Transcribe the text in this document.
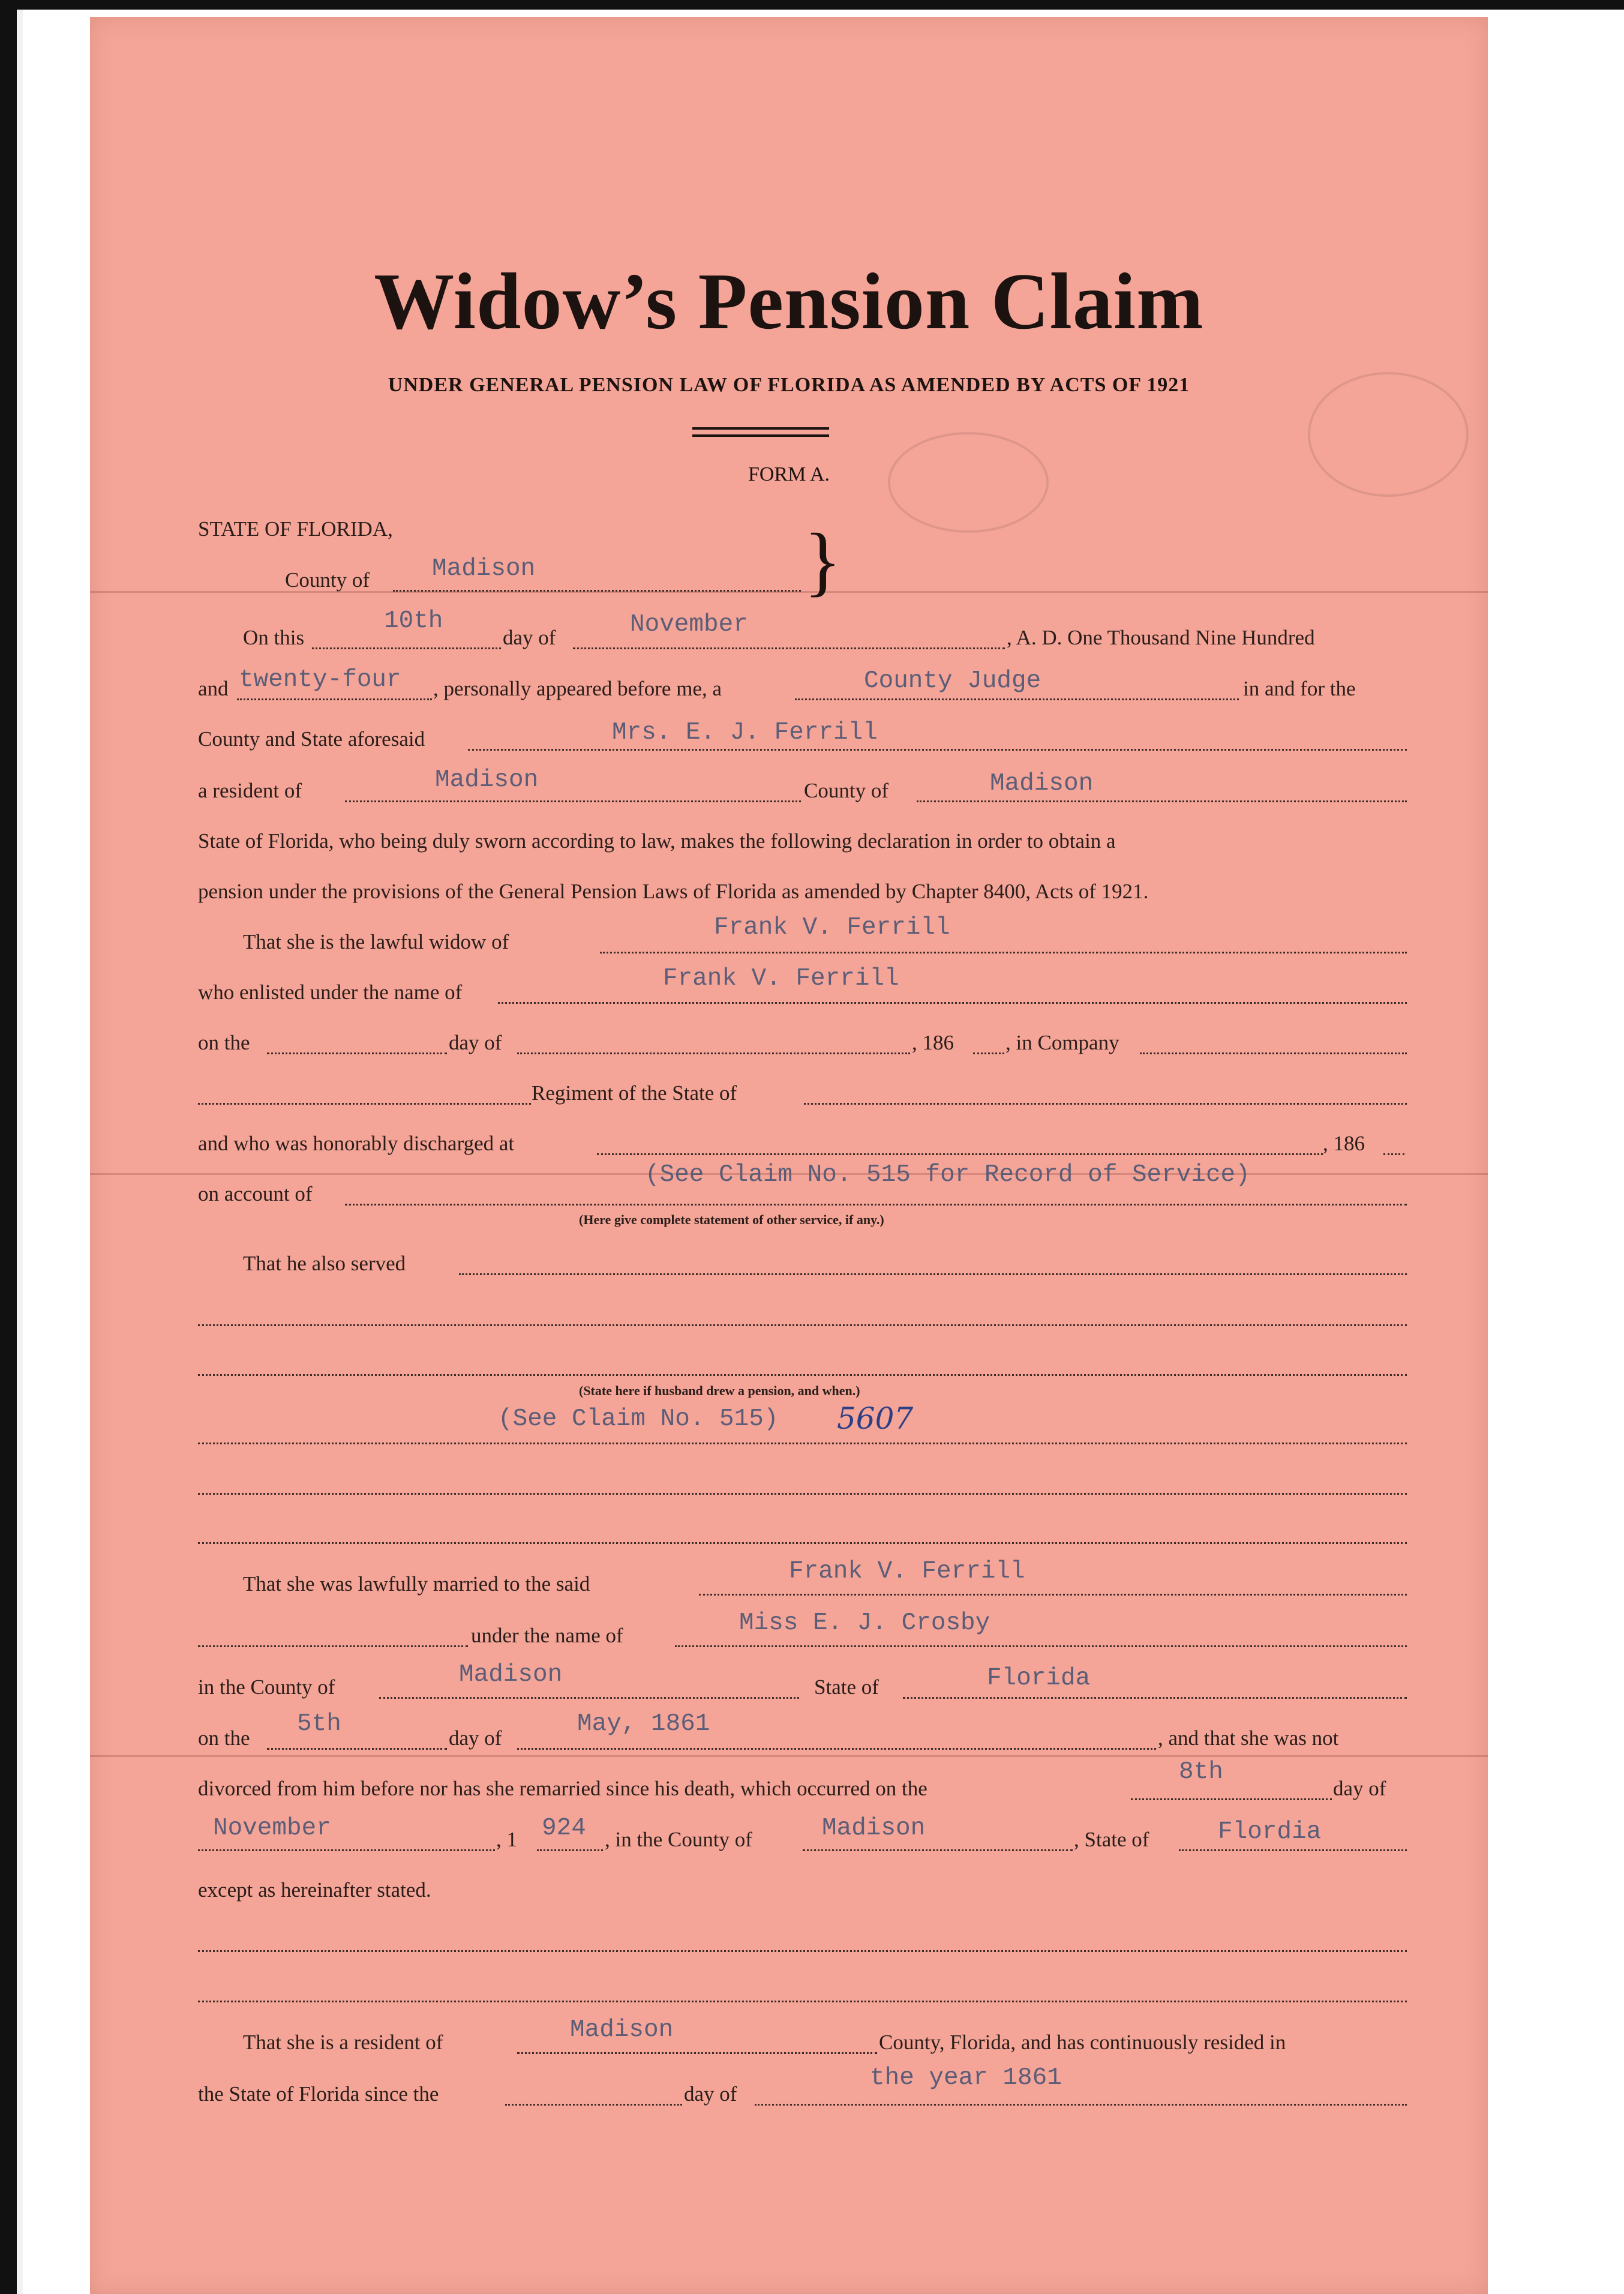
Widow’s Pension Claim
UNDER GENERAL PENSION LAW OF FLORIDA AS AMENDED BY ACTS OF 1921
FORM A.
STATE OF FLORIDA,
County of	Madison	}
On this
10th
day of	November	, A. D. One Thousand Nine Hundred
and twenty-four , personally appeared before me, a	County Judge	in and for the
County and State aforesaid	Mrs. E. J. Ferrill
a resident of	Madison	County of	Madison
State of Florida, who being duly sworn according to law, makes the following declaration in order to obtain a
pension under the provisions of the General Pension Laws of Florida as amended by Chapter 8400, Acts of 1921.
That she is the lawful widow of
Frank V. Ferrill
who enlisted under the name of	Frank V. Ferrill
on the	day of	, 186 , in Company
Regiment of the State of
and who was honorably discharged at	, 186
on account of
(See Claim No. 515 for Record of Service)
(Here give complete statement of other service, if any.)
That he also served
(State here if husband drew a pension, and when.)
(See Claim No. 515) 5607
That she was lawfully married to the said	Frank V. Ferrill
under the name of	Miss E. J. Crosby
in the County of	Madison	State of	Florida
on the
5th
day of
May, 1861
, and that she was not
divorced from him before nor has she remarried since his death, which occurred on the
8th
day of
November	, 1 924 , in the County of	Madison	, State of	Flordia
except as hereinafter stated.
That she is a resident of	Madison	County, Florida, and has continuously resided in
the State of Florida since the	day of
the year 1861
